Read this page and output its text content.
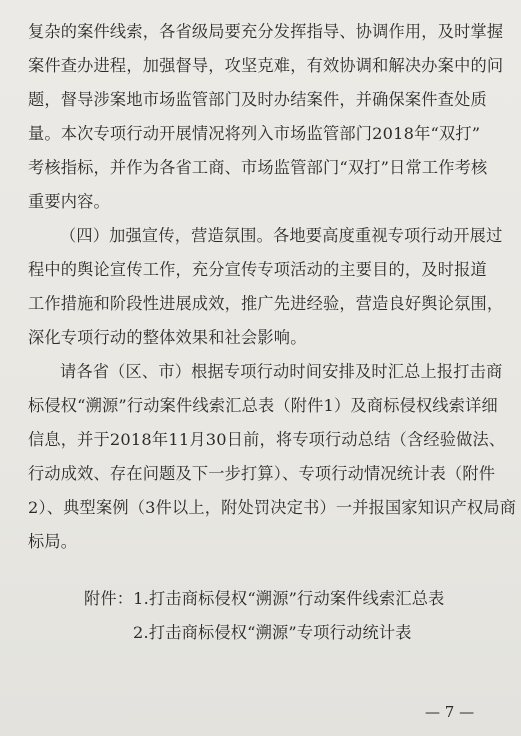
复杂的案件线索，各省级局要充分发挥指导、协调作用，及时掌握
案件查办进程，加强督导，攻坚克难，有效协调和解决办案中的问
题，督导涉案地市场监管部门及时办结案件，并确保案件查处质
量。本次专项行动开展情况将列入市场监管部门2018年“双打”
考核指标，并作为各省工商、市场监管部门“双打”日常工作考核
重要内容。
（四）加强宣传，营造氛围。各地要高度重视专项行动开展过
程中的舆论宣传工作，充分宣传专项活动的主要目的，及时报道
工作措施和阶段性进展成效，推广先进经验，营造良好舆论氛围，
深化专项行动的整体效果和社会影响。
请各省（区、市）根据专项行动时间安排及时汇总上报打击商
标侵权“溯源”行动案件线索汇总表（附件1）及商标侵权线索详细
信息，并于2018年11月30日前，将专项行动总结（含经验做法、
行动成效、存在问题及下一步打算）、专项行动情况统计表（附件
2）、典型案例（3件以上，附处罚决定书）一并报国家知识产权局商
标局。
附件：1.打击商标侵权“溯源”行动案件线索汇总表
2.打击商标侵权“溯源”专项行动统计表
— 7 —
